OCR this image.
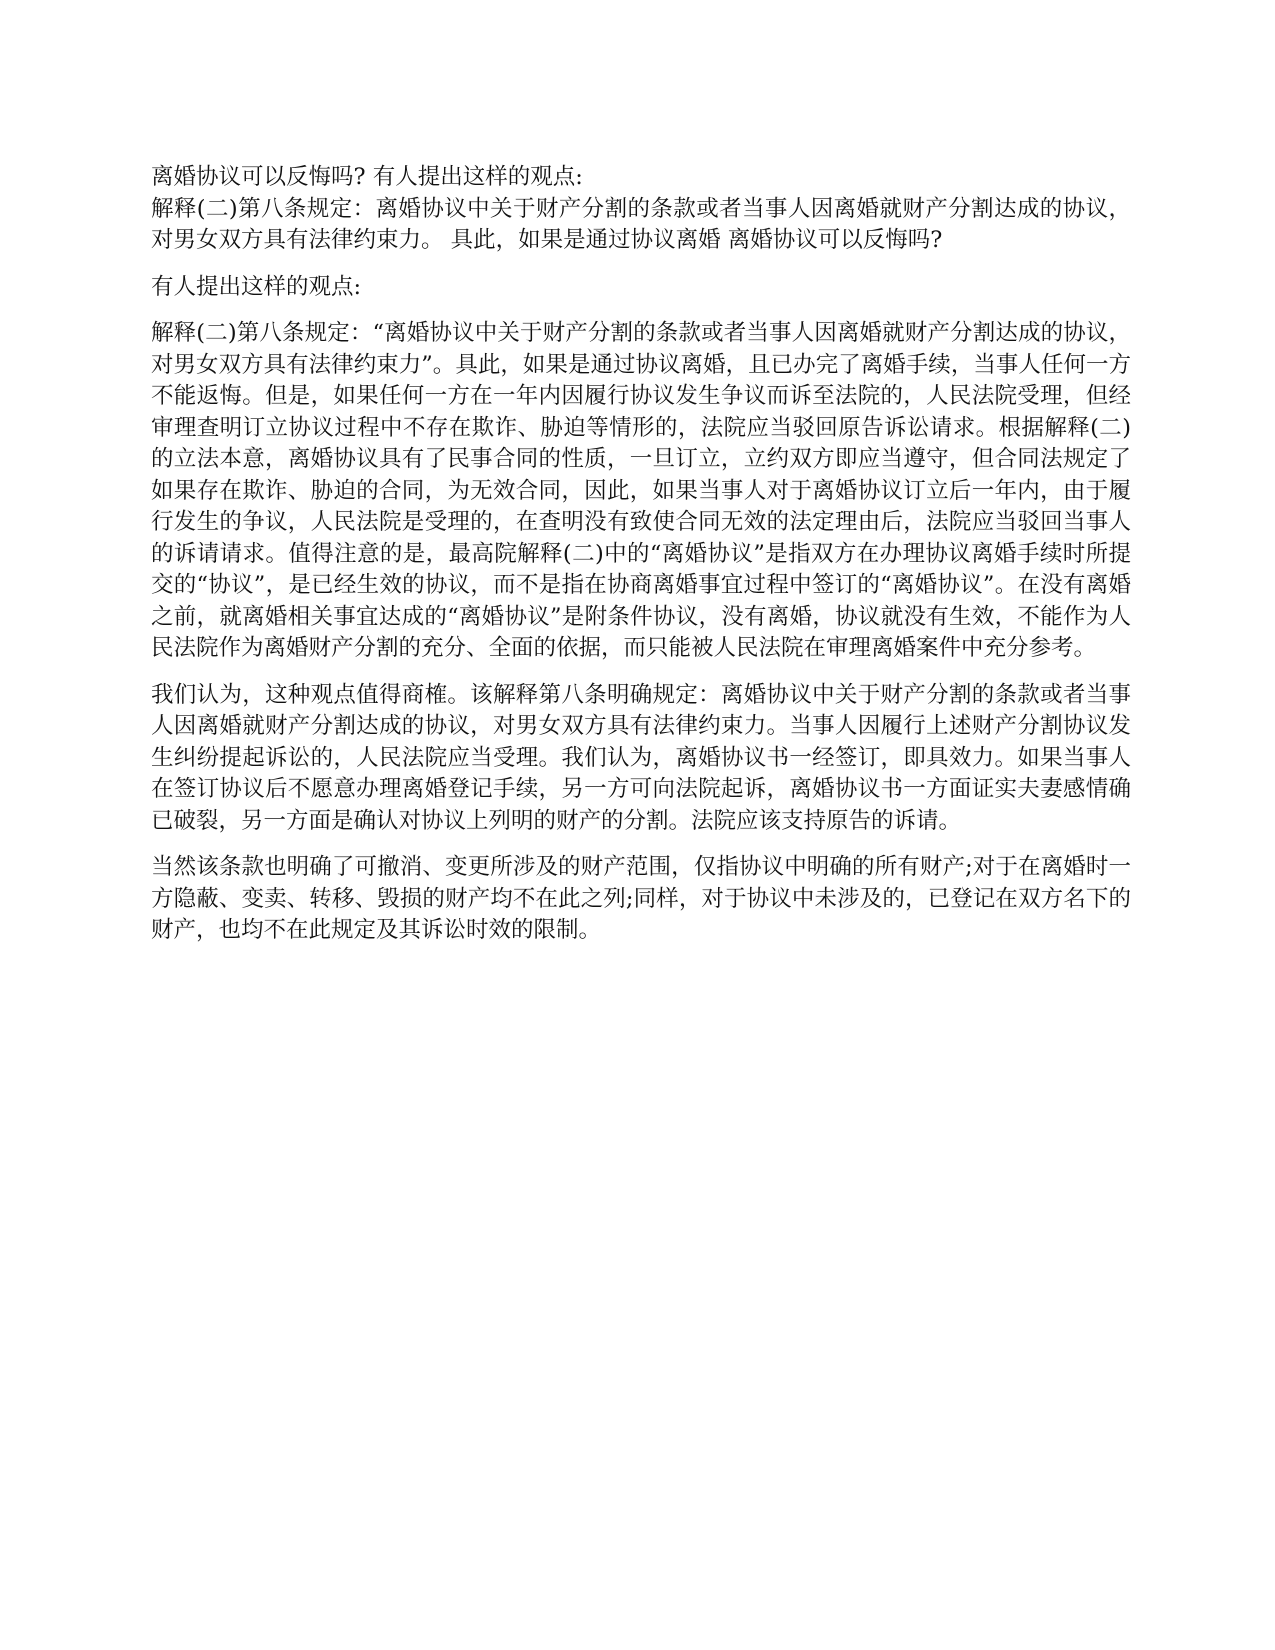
离婚协议可以反悔吗? 有人提出这样的观点:

解释(二)第八条规定：离婚协议中关于财产分割的条款或者当事人因离婚就财产分割达成的协议，对男女双方具有法律约束力。 具此，如果是通过协议离婚 离婚协议可以反悔吗?

有人提出这样的观点:

解释(二)第八条规定：“离婚协议中关于财产分割的条款或者当事人因离婚就财产分割达成的协议，对男女双方具有法律约束力”。具此，如果是通过协议离婚，且已办完了离婚手续，当事人任何一方不能返悔。但是，如果任何一方在一年内因履行协议发生争议而诉至法院的，人民法院受理，但经审理查明订立协议过程中不存在欺诈、胁迫等情形的，法院应当驳回原告诉讼请求。根据解释(二)的立法本意，离婚协议具有了民事合同的性质，一旦订立，立约双方即应当遵守，但合同法规定了如果存在欺诈、胁迫的合同，为无效合同，因此，如果当事人对于离婚协议订立后一年内，由于履行发生的争议，人民法院是受理的，在查明没有致使合同无效的法定理由后，法院应当驳回当事人的诉请请求。值得注意的是，最高院解释(二)中的“离婚协议”是指双方在办理协议离婚手续时所提交的“协议”，是已经生效的协议，而不是指在协商离婚事宜过程中签订的“离婚协议”。在没有离婚之前，就离婚相关事宜达成的“离婚协议”是附条件协议，没有离婚，协议就没有生效，不能作为人民法院作为离婚财产分割的充分、全面的依据，而只能被人民法院在审理离婚案件中充分参考。

我们认为，这种观点值得商榷。该解释第八条明确规定：离婚协议中关于财产分割的条款或者当事人因离婚就财产分割达成的协议，对男女双方具有法律约束力。当事人因履行上述财产分割协议发生纠纷提起诉讼的，人民法院应当受理。我们认为，离婚协议书一经签订，即具效力。如果当事人在签订协议后不愿意办理离婚登记手续，另一方可向法院起诉，离婚协议书一方面证实夫妻感情确已破裂，另一方面是确认对协议上列明的财产的分割。法院应该支持原告的诉请。

当然该条款也明确了可撤消、变更所涉及的财产范围，仅指协议中明确的所有财产;对于在离婚时一方隐蔽、变卖、转移、毁损的财产均不在此之列;同样，对于协议中未涉及的，已登记在双方名下的财产，也均不在此规定及其诉讼时效的限制。
